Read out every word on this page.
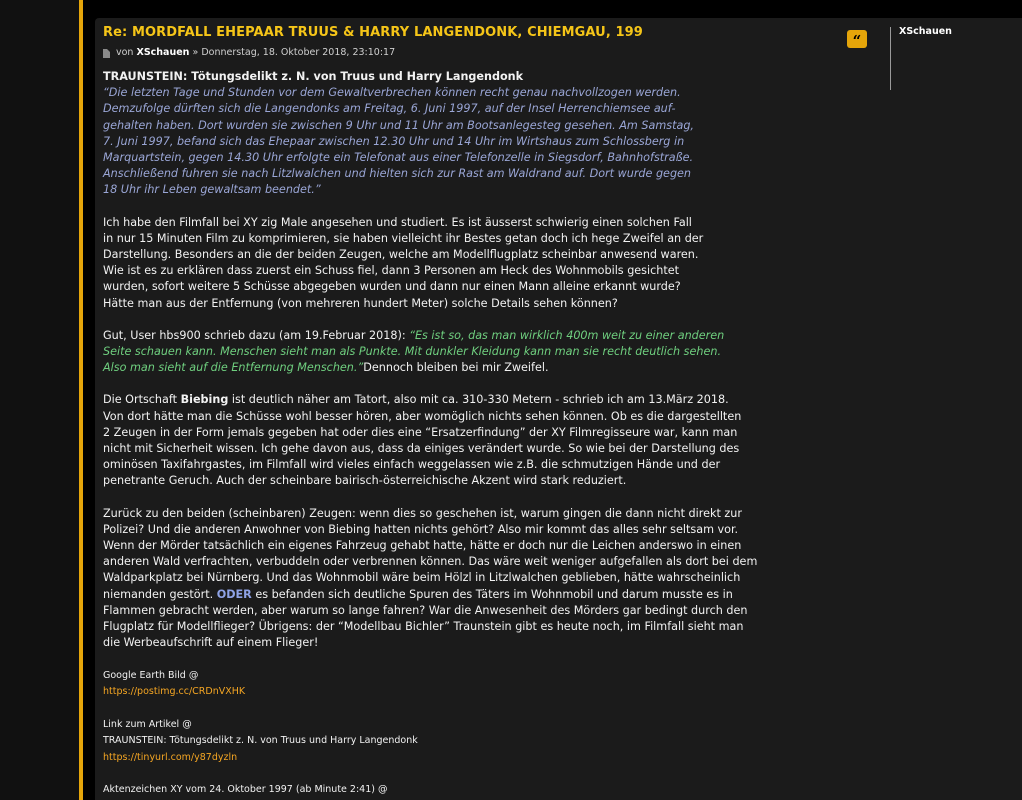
Re: MORDFALL EHEPAAR TRUUS & HARRY LANGENDONK, CHIEMGAU, 199
von
XSchauen
» Donnerstag, 18. Oktober 2018, 23:10:17

TRAUNSTEIN: Tötungsdelikt z. N. von Truus und Harry Langendonk

“Die letzten Tage und Stunden vor dem Gewaltverbrechen können recht genau nachvollzogen werden.

Demzufolge dürften sich die Langendonks am Freitag, 6. Juni 1997, auf der Insel Herrenchiemsee auf-

gehalten haben. Dort wurden sie zwischen 9 Uhr und 11 Uhr am Bootsanlegesteg gesehen. Am Samstag,

7. Juni 1997, befand sich das Ehepaar zwischen 12.30 Uhr und 14 Uhr im Wirtshaus zum Schlossberg in

Marquartstein, gegen 14.30 Uhr erfolgte ein Telefonat aus einer Telefonzelle in Siegsdorf, Bahnhofstraße.

Anschließend fuhren sie nach Litzlwalchen und hielten sich zur Rast am Waldrand auf. Dort wurde gegen

18 Uhr ihr Leben gewaltsam beendet.”

Ich habe den Filmfall bei XY zig Male angesehen und studiert. Es ist äusserst schwierig einen solchen Fall

in nur 15 Minuten Film zu komprimieren, sie haben vielleicht ihr Bestes getan doch ich hege Zweifel an der

Darstellung. Besonders an die der beiden Zeugen, welche am Modellflugplatz scheinbar anwesend waren.

Wie ist es zu erklären dass zuerst ein Schuss fiel, dann 3 Personen am Heck des Wohnmobils gesichtet

wurden, sofort weitere 5 Schüsse abgegeben wurden und dann nur einen Mann alleine erkannt wurde?

Hätte man aus der Entfernung (von mehreren hundert Meter) solche Details sehen können?

Gut, User hbs900 schrieb dazu (am 19.Februar 2018): “Es ist so, das man wirklich 400m weit zu einer anderen

Seite schauen kann. Menschen sieht man als Punkte. Mit dunkler Kleidung kann man sie recht deutlich sehen.

Also man sieht auf die Entfernung Menschen.”Dennoch bleiben bei mir Zweifel.

Die Ortschaft Biebing ist deutlich näher am Tatort, also mit ca. 310-330 Metern - schrieb ich am 13.März 2018.

Von dort hätte man die Schüsse wohl besser hören, aber womöglich nichts sehen können. Ob es die dargestellten

2 Zeugen in der Form jemals gegeben hat oder dies eine “Ersatzerfindung” der XY Filmregisseure war, kann man

nicht mit Sicherheit wissen. Ich gehe davon aus, dass da einiges verändert wurde. So wie bei der Darstellung des

ominösen Taxifahrgastes, im Filmfall wird vieles einfach weggelassen wie z.B. die schmutzigen Hände und der

penetrante Geruch. Auch der scheinbare bairisch-österreichische Akzent wird stark reduziert.

Zurück zu den beiden (scheinbaren) Zeugen: wenn dies so geschehen ist, warum gingen die dann nicht direkt zur

Polizei? Und die anderen Anwohner von Biebing hatten nichts gehört? Also mir kommt das alles sehr seltsam vor.

Wenn der Mörder tatsächlich ein eigenes Fahrzeug gehabt hatte, hätte er doch nur die Leichen anderswo in einen

anderen Wald verfrachten, verbuddeln oder verbrennen können. Das wäre weit weniger aufgefallen als dort bei dem

Waldparkplatz bei Nürnberg. Und das Wohnmobil wäre beim Hölzl in Litzlwalchen geblieben, hätte wahrscheinlich

niemanden gestört. ODER es befanden sich deutliche Spuren des Täters im Wohnmobil und darum musste es in

Flammen gebracht werden, aber warum so lange fahren? War die Anwesenheit des Mörders gar bedingt durch den

Flugplatz für Modellflieger? Übrigens: der “Modellbau Bichler” Traunstein gibt es heute noch, im Filmfall sieht man

die Werbeaufschrift auf einem Flieger!

Google Earth Bild @

https://postimg.cc/CRDnVXHK

Link zum Artikel @

TRAUNSTEIN: Tötungsdelikt z. N. von Truus und Harry Langendonk

https://tinyurl.com/y87dyzln

Aktenzeichen XY vom 24. Oktober 1997 (ab Minute 2:41) @

“
XSchauen
